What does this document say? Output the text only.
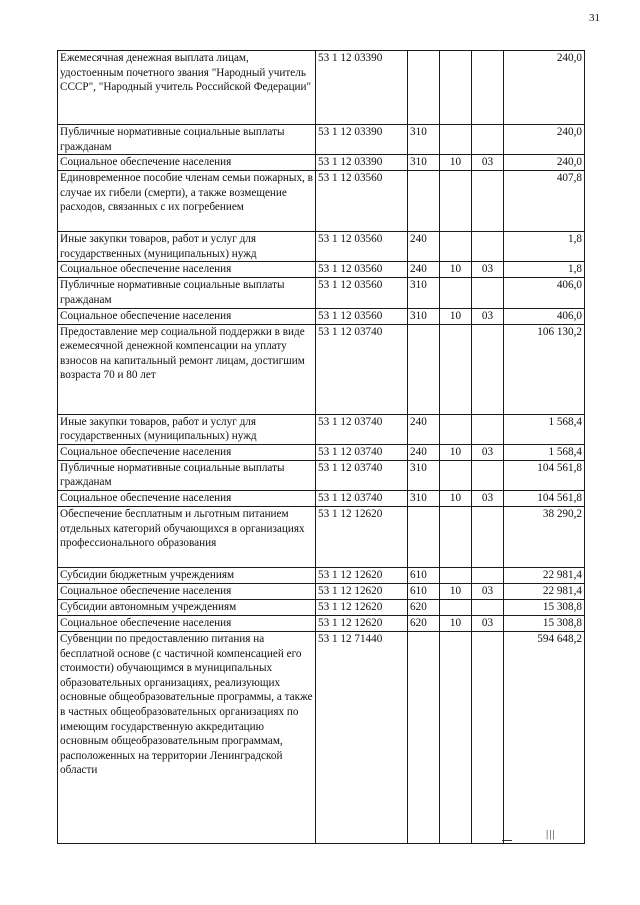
31
Ежемесячная денежная выплата лицам, удостоенным почетного звания "Народный учитель СССР", "Народный учитель Российской Федерации"	53 1 12 03390				240,0
Публичные нормативные социальные выплаты гражданам	53 1 12 03390	310			240,0
Социальное обеспечение населения	53 1 12 03390	310	10	03	240,0
Единовременное пособие членам семьи пожарных, в случае их гибели (смерти), а также возмещение расходов, связанных с их погребением	53 1 12 03560				407,8
Иные закупки товаров, работ и услуг для государственных (муниципальных) нужд	53 1 12 03560	240			1,8
Социальное обеспечение населения	53 1 12 03560	240	10	03	1,8
Публичные нормативные социальные выплаты гражданам	53 1 12 03560	310			406,0
Социальное обеспечение населения	53 1 12 03560	310	10	03	406,0
Предоставление мер социальной поддержки в виде ежемесячной денежной компенсации на уплату взносов на капитальный ремонт лицам, достигшим возраста 70 и 80 лет	53 1 12 03740				106 130,2
Иные закупки товаров, работ и услуг для государственных (муниципальных) нужд	53 1 12 03740	240			1 568,4
Социальное обеспечение населения	53 1 12 03740	240	10	03	1 568,4
Публичные нормативные социальные выплаты гражданам	53 1 12 03740	310			104 561,8
Социальное обеспечение населения	53 1 12 03740	310	10	03	104 561,8
Обеспечение бесплатным и льготным питанием отдельных категорий обучающихся в организациях профессионального образования	53 1 12 12620				38 290,2
Субсидии бюджетным учреждениям	53 1 12 12620	610			22 981,4
Социальное обеспечение населения	53 1 12 12620	610	10	03	22 981,4
Субсидии автономным учреждениям	53 1 12 12620	620			15 308,8
Социальное обеспечение населения	53 1 12 12620	620	10	03	15 308,8
Субвенции по предоставлению питания на бесплатной основе (с частичной компенсацией его стоимости) обучающимся в муниципальных образовательных организациях, реализующих основные общеобразовательные программы, а также в частных общеобразовательных организациях по имеющим государственную аккредитацию основным общеобразовательным программам, расположенных на территории Ленинградской области	53 1 12 71440				594 648,2
|||
